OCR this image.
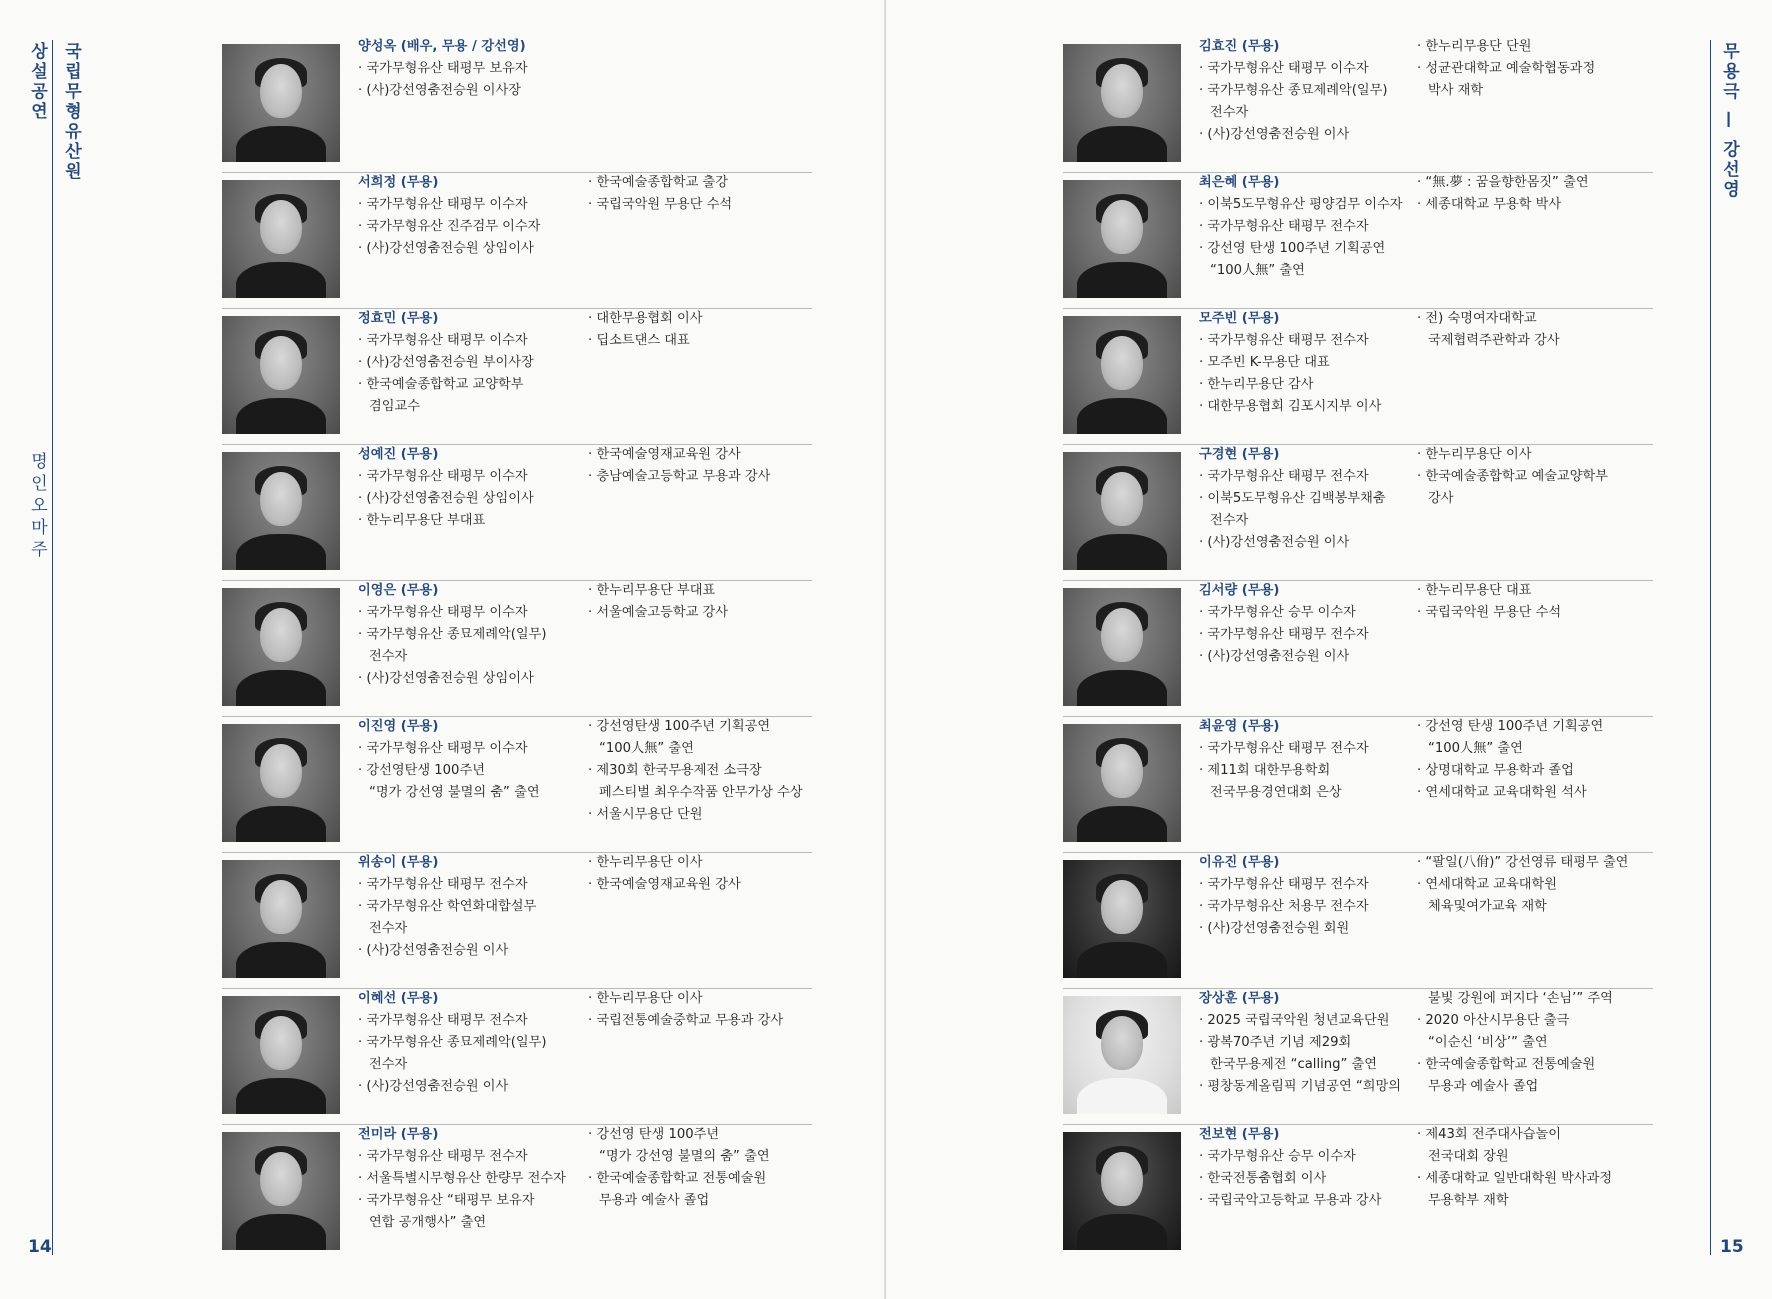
상설공연 국립무형유산원
명인오마주
14
양성옥 (배우, 무용 / 강선영)
· 국가무형유산 태평무 보유자
· (사)강선영춤전승원 이사장
서희정 (무용)
· 국가무형유산 태평무 이수자
· 국가무형유산 진주검무 이수자
· (사)강선영춤전승원 상임이사
· 한국예술종합학교 출강
· 국립국악원 무용단 수석
정효민 (무용)
· 국가무형유산 태평무 이수자
· (사)강선영춤전승원 부이사장
· 한국예술종합학교 교양학부
겸임교수
· 대한무용협회 이사
· 딥소트댄스 대표
성예진 (무용)
· 국가무형유산 태평무 이수자
· (사)강선영춤전승원 상임이사
· 한누리무용단 부대표
· 한국예술영재교육원 강사
· 충남예술고등학교 무용과 강사
이영은 (무용)
· 국가무형유산 태평무 이수자
· 국가무형유산 종묘제례악(일무)
전수자
· (사)강선영춤전승원 상임이사
· 한누리무용단 부대표
· 서울예술고등학교 강사
이진영 (무용)
· 국가무형유산 태평무 이수자
· 강선영탄생 100주년
“명가 강선영 불멸의 춤” 출연
· 강선영탄생 100주년 기획공연
“100人無” 출연
· 제30회 한국무용제전 소극장
페스티벌 최우수작품 안무가상 수상
· 서울시무용단 단원
위송이 (무용)
· 국가무형유산 태평무 전수자
· 국가무형유산 학연화대합설무
전수자
· (사)강선영춤전승원 이사
· 한누리무용단 이사
· 한국예술영재교육원 강사
이혜선 (무용)
· 국가무형유산 태평무 전수자
· 국가무형유산 종묘제례악(일무)
전수자
· (사)강선영춤전승원 이사
· 한누리무용단 이사
· 국립전통예술중학교 무용과 강사
전미라 (무용)
· 국가무형유산 태평무 전수자
· 서울특별시무형유산 한량무 전수자
· 국가무형유산 “태평무 보유자
연합 공개행사” 출연
· 강선영 탄생 100주년
“명가 강선영 불멸의 춤” 출연
· 한국예술종합학교 전통예술원
무용과 예술사 졸업
무용극 — 강선영
15
김효진 (무용)
· 국가무형유산 태평무 이수자
· 국가무형유산 종묘제례악(일무)
전수자
· (사)강선영춤전승원 이사
· 한누리무용단 단원
· 성균관대학교 예술학협동과정
박사 재학
최은혜 (무용)
· 이북5도무형유산 평양검무 이수자
· 국가무형유산 태평무 전수자
· 강선영 탄생 100주년 기획공연
“100人無” 출연
· “無.夢 : 꿈을향한몸짓” 출연
· 세종대학교 무용학 박사
모주빈 (무용)
· 국가무형유산 태평무 전수자
· 모주빈 K-무용단 대표
· 한누리무용단 감사
· 대한무용협회 김포시지부 이사
· 전) 숙명여자대학교
국제협력주관학과 강사
구경현 (무용)
· 국가무형유산 태평무 전수자
· 이북5도무형유산 김백봉부채춤
전수자
· (사)강선영춤전승원 이사
· 한누리무용단 이사
· 한국예술종합학교 예술교양학부
강사
김서량 (무용)
· 국가무형유산 승무 이수자
· 국가무형유산 태평무 전수자
· (사)강선영춤전승원 이사
· 한누리무용단 대표
· 국립국악원 무용단 수석
최윤영 (무용)
· 국가무형유산 태평무 전수자
· 제11회 대한무용학회
전국무용경연대회 은상
· 강선영 탄생 100주년 기획공연
“100人無” 출연
· 상명대학교 무용학과 졸업
· 연세대학교 교육대학원 석사
이유진 (무용)
· 국가무형유산 태평무 전수자
· 국가무형유산 처용무 전수자
· (사)강선영춤전승원 회원
· “팔일(八佾)” 강선영류 태평무 출연
· 연세대학교 교육대학원
체육및여가교육 재학
장상훈 (무용)
· 2025 국립국악원 청년교육단원
· 광복70주년 기념 제29회
한국무용제전 “calling” 출연
· 평창동계올림픽 기념공연 “희망의
불빛 강원에 퍼지다 ‘손님’” 주역
· 2020 아산시무용단 출극
“이순신 ‘비상’” 출연
· 한국예술종합학교 전통예술원
무용과 예술사 졸업
전보현 (무용)
· 국가무형유산 승무 이수자
· 한국전통춤협회 이사
· 국립국악고등학교 무용과 강사
· 제43회 전주대사습놀이
전국대회 장원
· 세종대학교 일반대학원 박사과정
무용학부 재학
